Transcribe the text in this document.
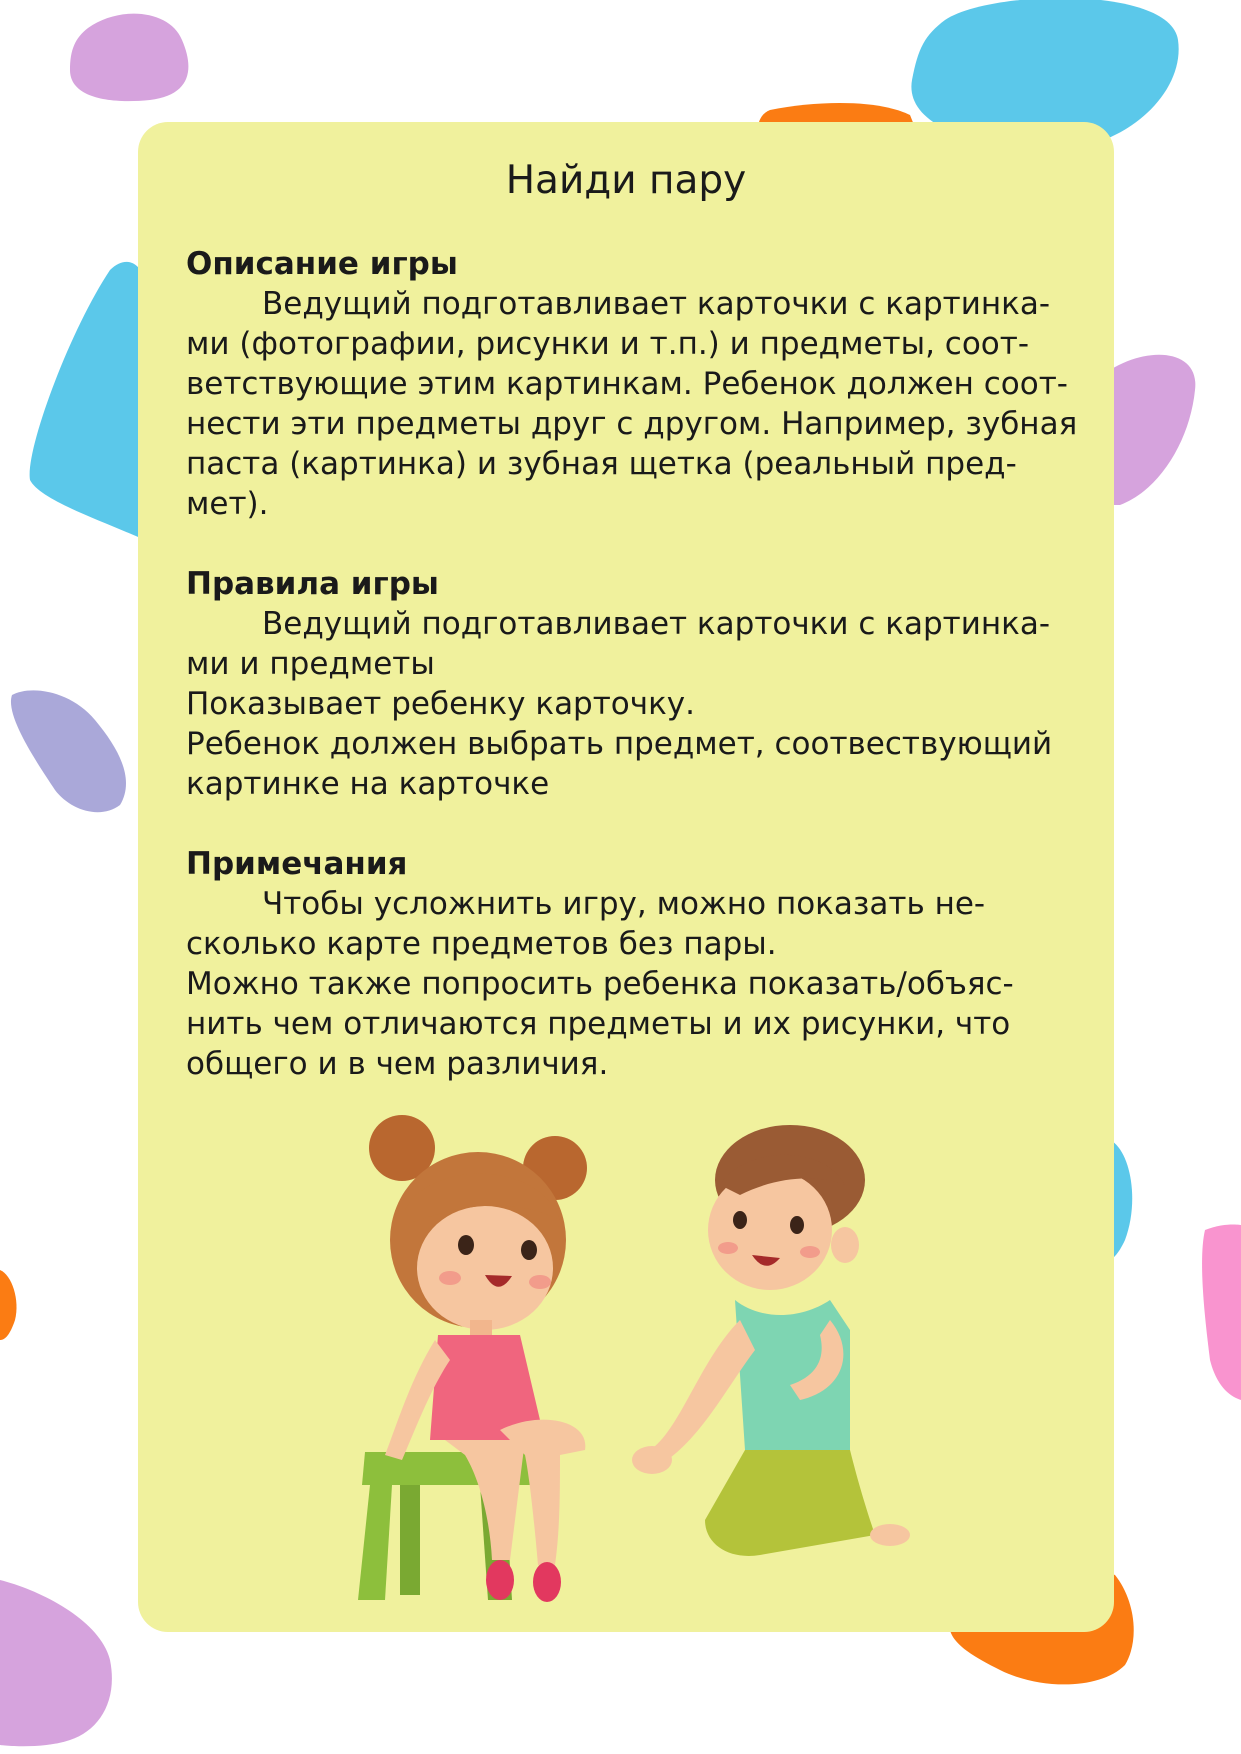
Найди пару
Описание игры
Ведущий подготавливает карточки с картинка-
ми (фотографии, рисунки и т.п.) и предметы, соот-
ветствующие этим картинкам. Ребенок должен соот-
нести эти предметы друг с другом. Например, зубная
паста (картинка) и зубная щетка (реальный пред-
мет).
Правила игры
Ведущий подготавливает карточки с картинка-
ми и предметы
Показывает ребенку карточку.
Ребенок должен выбрать предмет, соотвествующий
картинке на карточке
Примечания
Чтобы усложнить игру, можно показать не-
сколько карте предметов без пары.
Можно также попросить ребенка показать/объяс-
нить чем отличаются предметы и их рисунки, что
общего и в чем различия.
